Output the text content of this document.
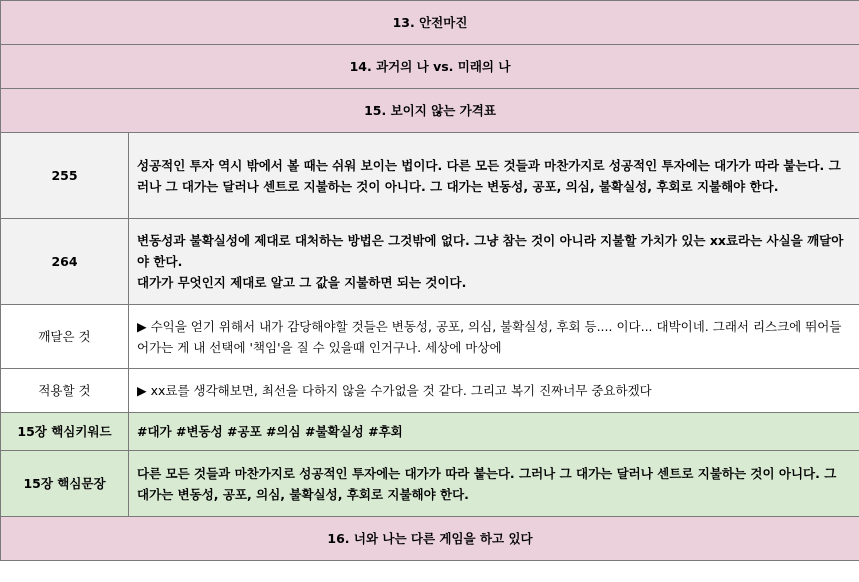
13. 안전마진	
14. 과거의 나 vs. 미래의 나	
15. 보이지 않는 가격표	
255	성공적인 투자 역시 밖에서 볼 때는 쉬워 보이는 법이다. 다른 모든 것들과 마찬가지로 성공적인 투자에는 대가가 따라 붙는다. 그러나 그 대가는 달러나 센트로 지불하는 것이 아니다. 그 대가는 변동성, 공포, 의심, 불확실성, 후회로 지불해야 한다.
264	변동성과 불확실성에 제대로 대처하는 방법은 그것밖에 없다. 그냥 참는 것이 아니라 지불할 가치가 있는 xx료라는 사실을 깨달아야 한다.
대가가 무엇인지 제대로 알고 그 값을 지불하면 되는 것이다.

깨달은 것	▶ 수익을 얻기 위해서 내가 감당해야할 것들은 변동성, 공포, 의심, 불확실성, 후회 등.... 이다... 대박이네. 그래서 리스크에 뛰어들어가는 게 내 선택에 '책임'을 질 수 있을때 인거구나. 세상에 마상에
적용할 것	▶ xx료를 생각해보면, 최선을 다하지 않을 수가없을 것 같다. 그리고 복기 진짜너무 중요하겠다
15장 핵심키워드	#대가 #변동성 #공포 #의심 #불확실성 #후회
15장 핵심문장	다른 모든 것들과 마찬가지로 성공적인 투자에는 대가가 따라 붙는다. 그러나 그 대가는 달러나 센트로 지불하는 것이 아니다. 그 대가는 변동성, 공포, 의심, 불확실성, 후회로 지불해야 한다.
16. 너와 나는 다른 게임을 하고 있다	
